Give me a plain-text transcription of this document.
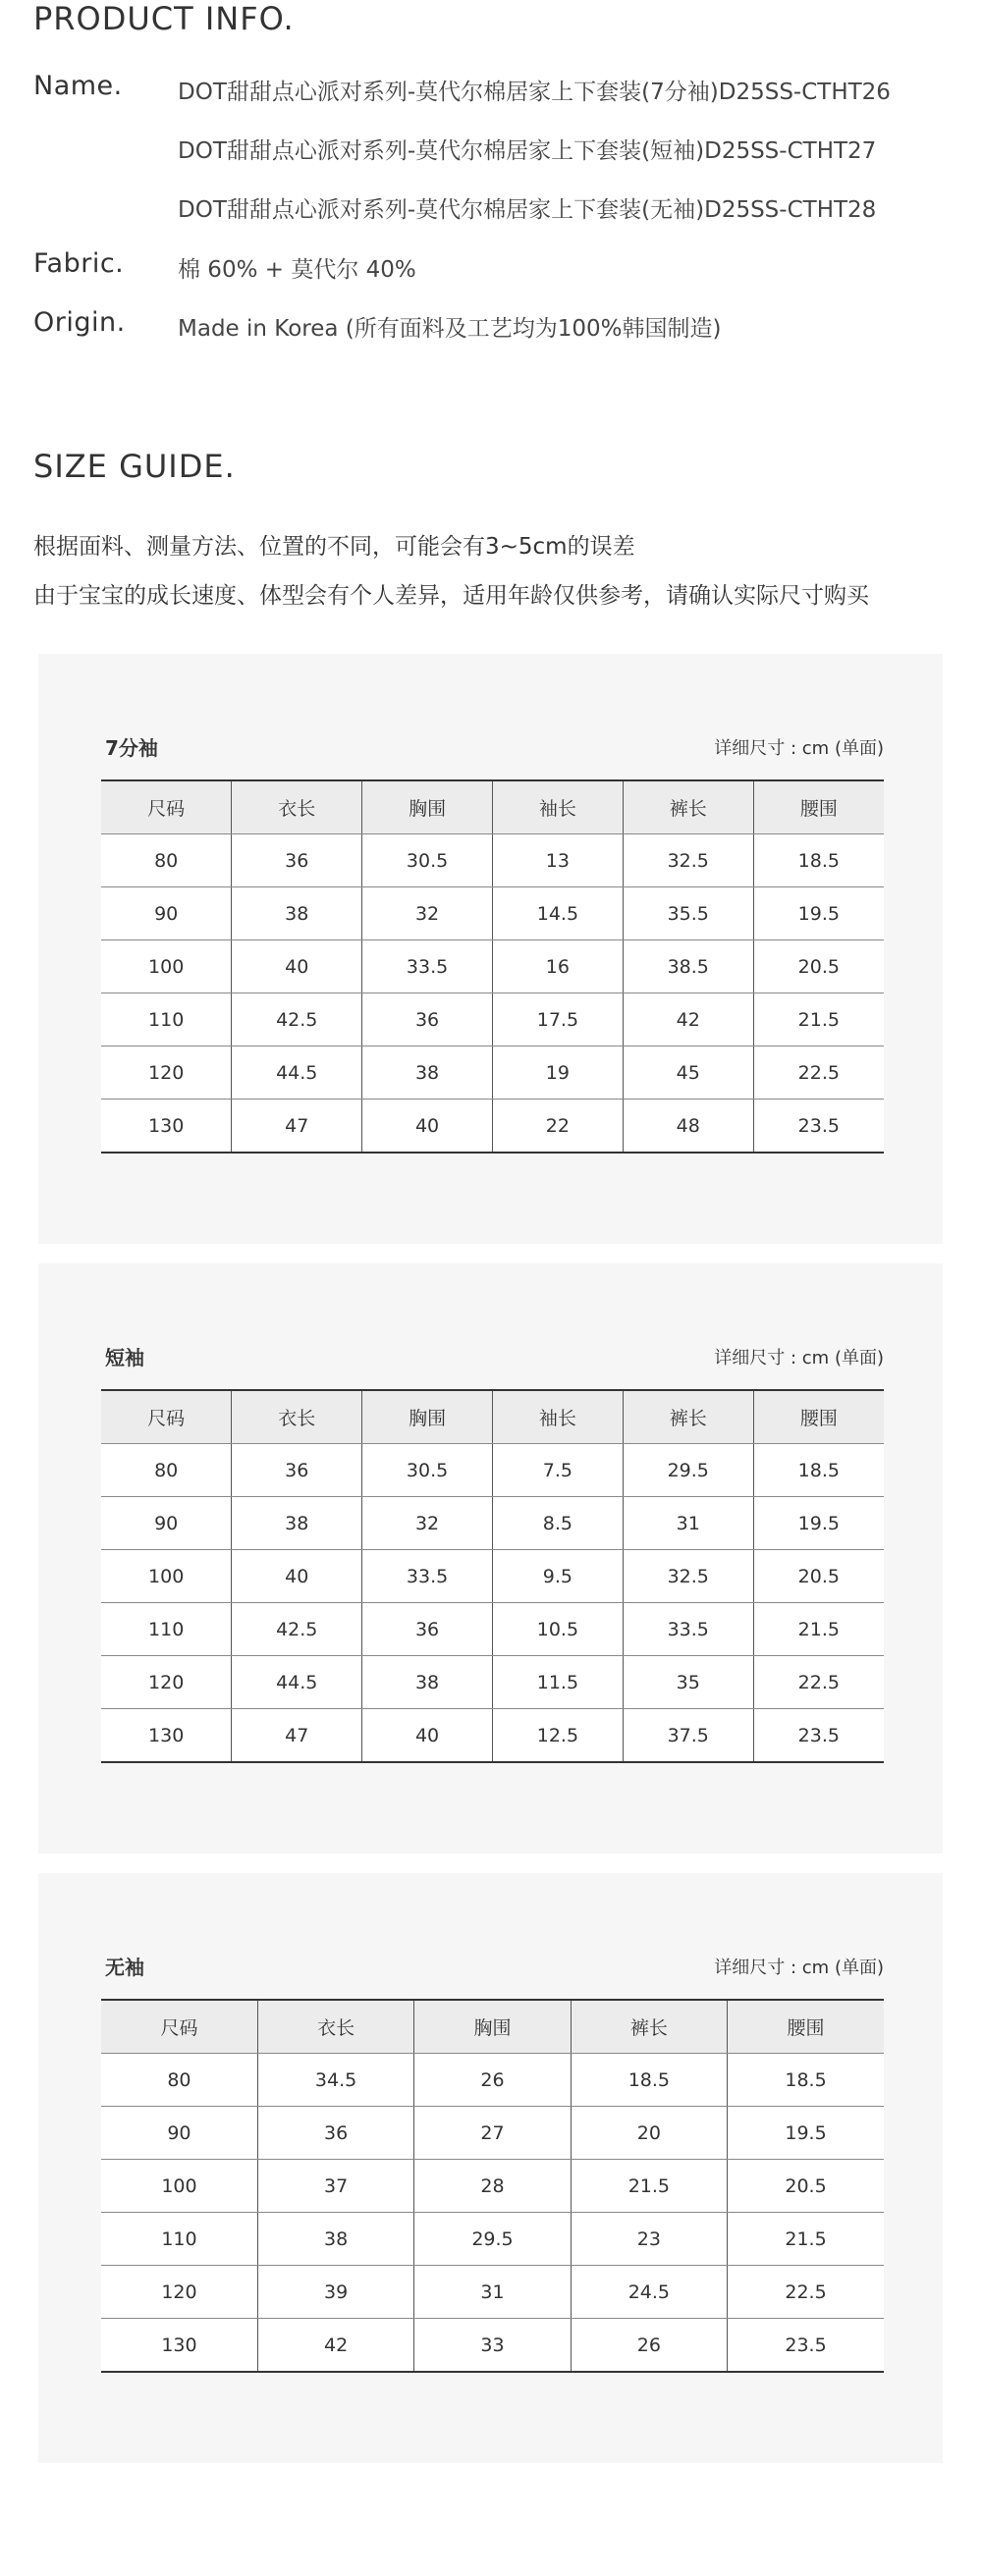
PRODUCT INFO.
Name. DOT甜甜点心派对系列-莫代尔棉居家上下套装(7分袖)D25SS-CTHT26
DOT甜甜点心派对系列-莫代尔棉居家上下套装(短袖)D25SS-CTHT27
DOT甜甜点心派对系列-莫代尔棉居家上下套装(无袖)D25SS-CTHT28
Fabric. 棉 60% + 莫代尔 40%
Origin. Made in Korea (所有面料及工艺均为100%韩国制造)
SIZE GUIDE.
根据面料、测量方法、位置的不同，可能会有3~5cm的误差
由于宝宝的成长速度、体型会有个人差异，适用年龄仅供参考，请确认实际尺寸购买
7分袖	详细尺寸 : cm (单面)
尺码	衣长	胸围	袖长	裤长	腰围
80	36	30.5	13	32.5	18.5
90	38	32	14.5	35.5	19.5
100	40	33.5	16	38.5	20.5
110	42.5	36	17.5	42	21.5
120	44.5	38	19	45	22.5
130	47	40	22	48	23.5
短袖	详细尺寸 : cm (单面)
尺码	衣长	胸围	袖长	裤长	腰围
80	36	30.5	7.5	29.5	18.5
90	38	32	8.5	31	19.5
100	40	33.5	9.5	32.5	20.5
110	42.5	36	10.5	33.5	21.5
120	44.5	38	11.5	35	22.5
130	47	40	12.5	37.5	23.5
无袖	详细尺寸 : cm (单面)
尺码	衣长	胸围	裤长	腰围
80	34.5	26	18.5	18.5
90	36	27	20	19.5
100	37	28	21.5	20.5
110	38	29.5	23	21.5
120	39	31	24.5	22.5
130	42	33	26	23.5
